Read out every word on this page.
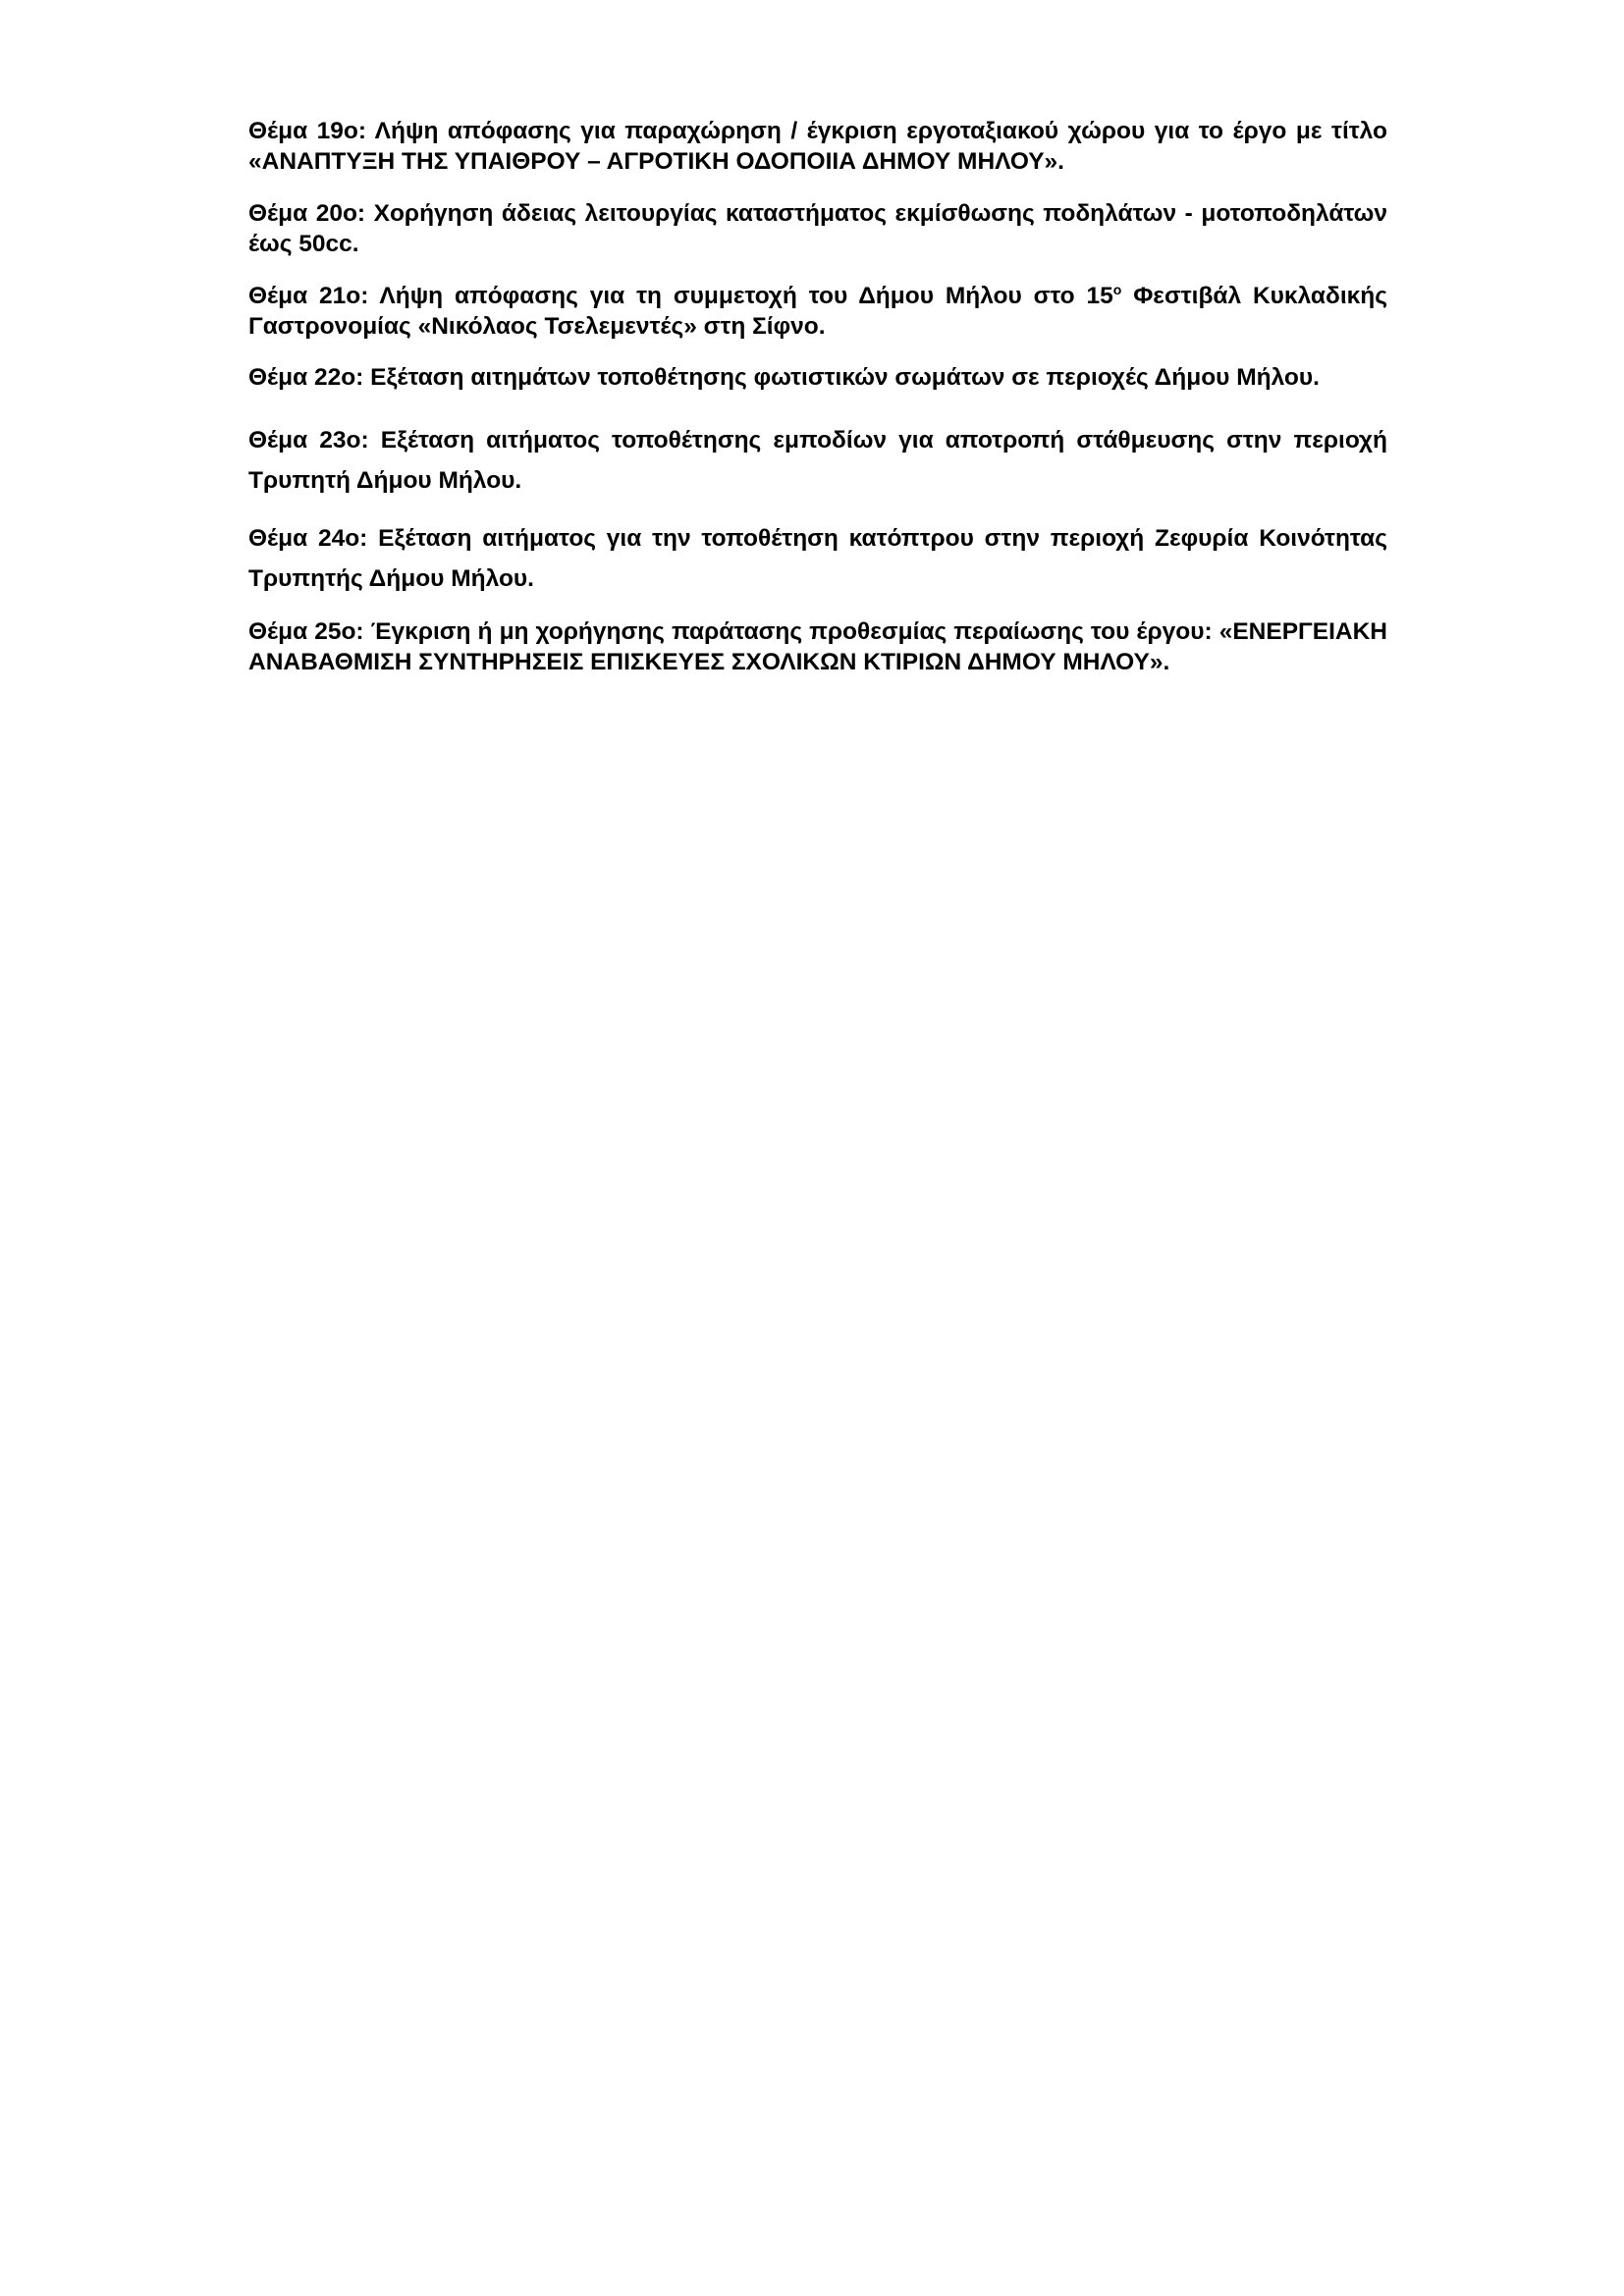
Θέμα 19ο: Λήψη απόφασης για παραχώρηση / έγκριση εργοταξιακού χώρου για το έργο με τίτλο «ΑΝΑΠΤΥΞΗ ΤΗΣ ΥΠΑΙΘΡΟΥ – ΑΓΡΟΤΙΚΗ ΟΔΟΠΟΙΙΑ ΔΗΜΟΥ ΜΗΛΟΥ».

Θέμα 20ο: Χορήγηση άδειας λειτουργίας καταστήματος εκμίσθωσης ποδηλάτων - μοτοποδηλάτων έως 50cc.

Θέμα 21ο: Λήψη απόφασης για τη συμμετοχή του Δήμου Μήλου στο $15^o$ Φεστιβάλ Κυκλαδικής Γαστρονομίας «Νικόλαος Τσελεμεντές» στη Σίφνο.

Θέμα 22ο: Εξέταση αιτημάτων τοποθέτησης φωτιστικών σωμάτων σε περιοχές Δήμου Μήλου.

Θέμα 23ο: Εξέταση αιτήματος τοποθέτησης εμποδίων για αποτροπή στάθμευσης στην περιοχή Τρυπητή Δήμου Μήλου.

Θέμα 24ο: Εξέταση αιτήματος για την τοποθέτηση κατόπτρου στην περιοχή Ζεφυρία Κοινότητας Τρυπητής Δήμου Μήλου.

Θέμα 25ο: Έγκριση ή μη χορήγησης παράτασης προθεσμίας περαίωσης του έργου: «ΕΝΕΡΓΕΙΑΚΗ ΑΝΑΒΑΘΜΙΣΗ ΣΥΝΤΗΡΗΣΕΙΣ ΕΠΙΣΚΕΥΕΣ ΣΧΟΛΙΚΩΝ ΚΤΙΡΙΩΝ ΔΗΜΟΥ ΜΗΛΟΥ».
